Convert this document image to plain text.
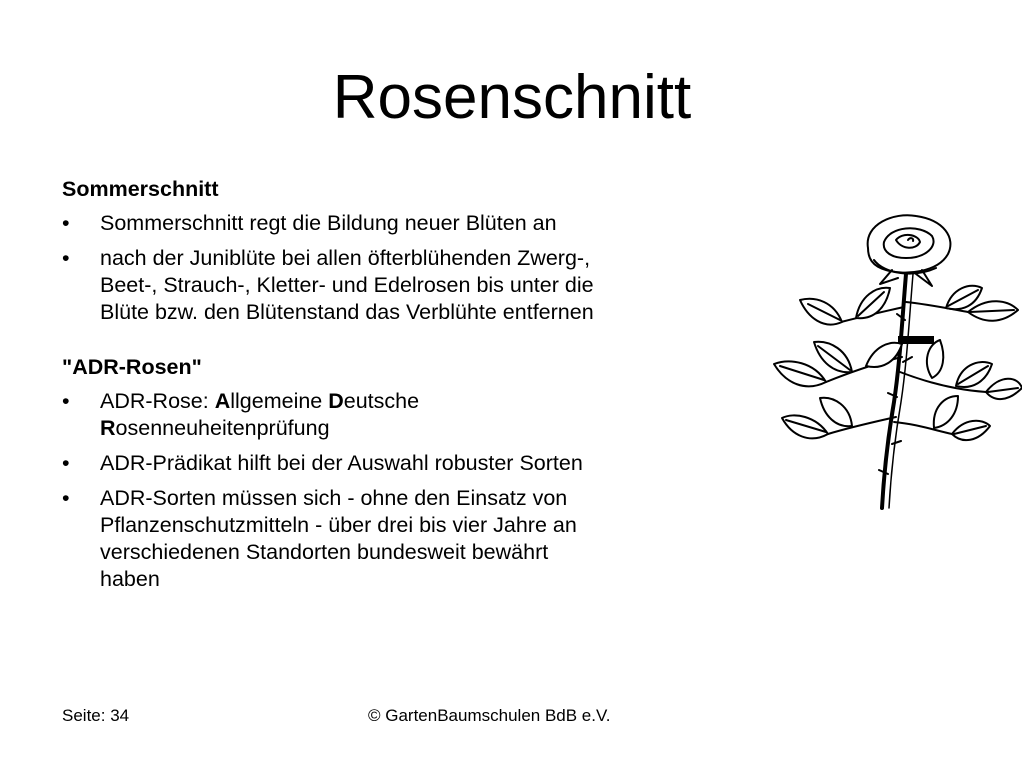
Rosenschnitt
Sommerschnitt
• Sommerschnitt regt die Bildung neuer Blüten an
• nach der Juniblüte bei allen öfterblühenden Zwerg-,
Beet-, Strauch-, Kletter- und Edelrosen bis unter die
Blüte bzw. den Blütenstand das Verblühte entfernen
"ADR-Rosen"
• ADR-Rose: Allgemeine Deutsche
Rosenneuheitenprüfung
• ADR-Prädikat hilft bei der Auswahl robuster Sorten
• ADR-Sorten müssen sich - ohne den Einsatz von
Pflanzenschutzmitteln - über drei bis vier Jahre an
verschiedenen Standorten bundesweit bewährt
haben
Seite: 34	© GartenBaumschulen BdB e.V.
